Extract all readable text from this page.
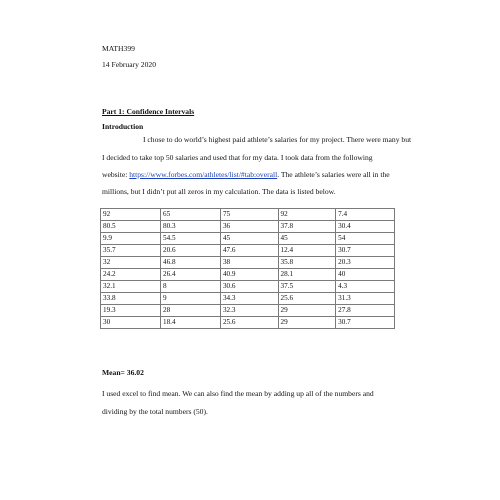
MATH399
14 February 2020
Part 1: Confidence Intervals
Introduction
I chose to do world’s highest paid athlete’s salaries for my project. There were many but
I decided to take top 50 salaries and used that for my data. I took data from the following
website: https://www.forbes.com/athletes/list/#tab:overall. The athlete’s salaries were all in the
millions, but I didn’t put all zeros in my calculation. The data is listed below.
92	65	75	92	7.4
80.5	80.3	36	37.8	30.4
9.9	54.5	45	45	54
35.7	20.6	47.6	12.4	30.7
32	46.8	38	35.8	20.3
24.2	26.4	40.9	28.1	40
32.1	8	30.6	37.5	4.3
33.8	9	34.3	25.6	31.3
19.3	28	32.3	29	27.8
30	18.4	25.6	29	30.7
Mean= 36.02
I used excel to find mean. We can also find the mean by adding up all of the numbers and
dividing by the total numbers (50).
